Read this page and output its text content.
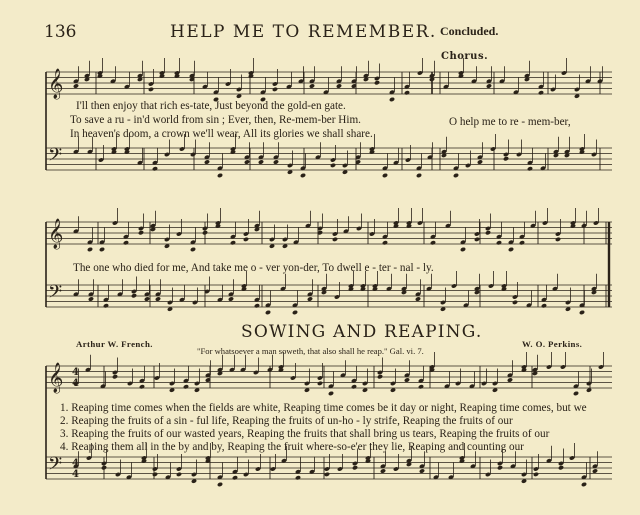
𝄞
𝄢
𝄞
𝄢
𝄞
𝄢
4
4
4
4
136	HELP ME TO REMEMBER. Concluded.
Chorus.
I'll then enjoy that rich es-tate, Just beyond the gold-en gate.
To save a ru - in'd world from sin ; Ever, then, Re-mem-ber Him.
In heaven's doom, a crown we'll wear, All its glories we shall share.
O help me to re - mem-ber,
The one who died for me, And take me o - ver yon-der, To dwell e - ter - nal - ly.
SOWING AND REAPING.
Arthur W. French.
"For whatsoever a man soweth, that also shall he reap." Gal. vi. 7.
W. O. Perkins.
1. Reaping time comes when the fields are white, Reaping time comes be it day or night, Reaping time comes, but we
2. Reaping the fruits of a sin - ful life, Reaping the fruits of un-ho - ly strife, Reaping the fruits of our
3. Reaping the fruits of our wasted years, Reaping the fruits that shall bring us tears, Reaping the fruits of our
4. Reaping them all in the by and by, Reaping the fruit where-so-e'er they lie, Reaping and counting our
